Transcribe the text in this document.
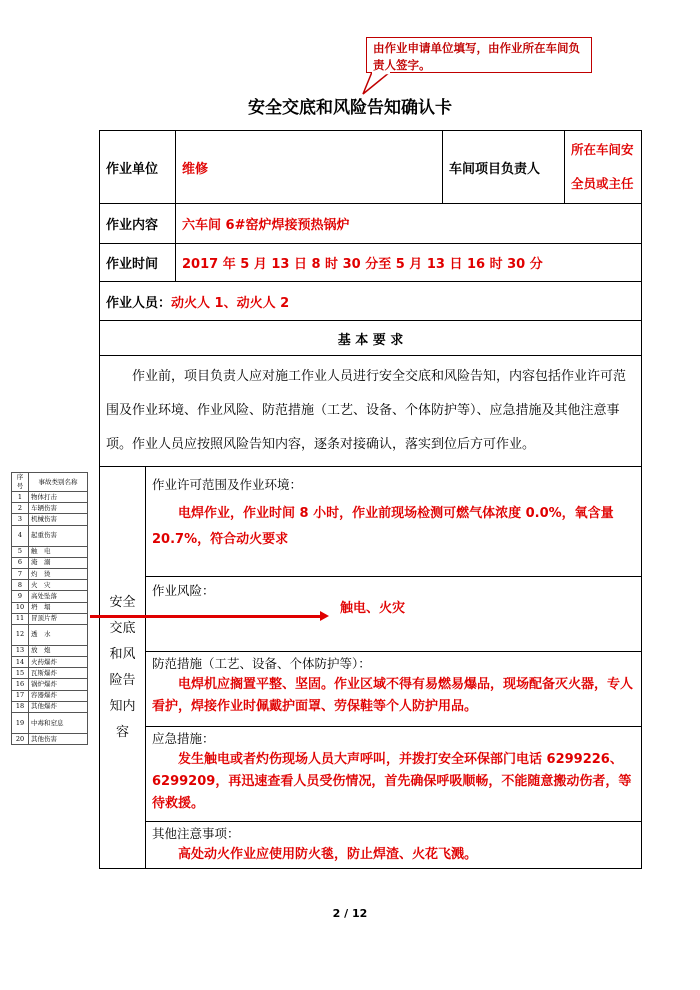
由作业申请单位填写，由作业所在车间负责人签字。
安全交底和风险告知确认卡
作业单位		维修	车间项目负责人	所在车间安全员或主任
作业内容		六车间 6#窑炉焊接预热锅炉		
作业时间		2017 年 5 月 13 日 8 时 30 分至 5 月 13 日 16 时 30 分		
作业人员：动火人 1、动火人 2				
基 本 要 求				
作业前，项目负责人应对施工作业人员进行安全交底和风险告知，内容包括作业许可范围及作业环境、作业风险、防范措施（工艺、设备、个体防护等）、应急措施及其他注意事项。作业人员应按照风险告知内容，逐条对接确认，落实到位后方可作业。				
安全交底和风险告知内容	作业许可范围及作业环境：
电焊作业，作业时间 8 小时，作业前现场检测可燃气体浓度 0.0%，氧含量 20.7%，符合动火要求			

	作业风险：
触电、火灾			

	防范措施（工艺、设备、个体防护等）：
电焊机应搁置平整、坚固。作业区域不得有易燃易爆品，现场配备灭火器，专人看护，焊接作业时佩戴护面罩、劳保鞋等个人防护用品。			

	应急措施：
发生触电或者灼伤现场人员大声呼叫，并拨打安全环保部门电话 6299226、6299209，再迅速查看人员受伤情况，首先确保呼吸顺畅，不能随意搬动伤者，等待救援。			

	其他注意事项：
高处动火作业应使用防火毯，防止焊渣、火花飞溅。			
序号	事故类别名称
1	物体打击
2	车辆伤害
3	机械伤害
4	起重伤害
5	触　电
6	淹　溺
7	灼　烫
8	火　灾
9	高处坠落
10	坍　塌
11	冒顶片帮
12	透　水
13	放　炮
14	火药爆炸
15	瓦斯爆炸
16	锅炉爆炸
17	容器爆炸
18	其他爆炸
19	中毒和窒息
20	其他伤害
2 / 12
